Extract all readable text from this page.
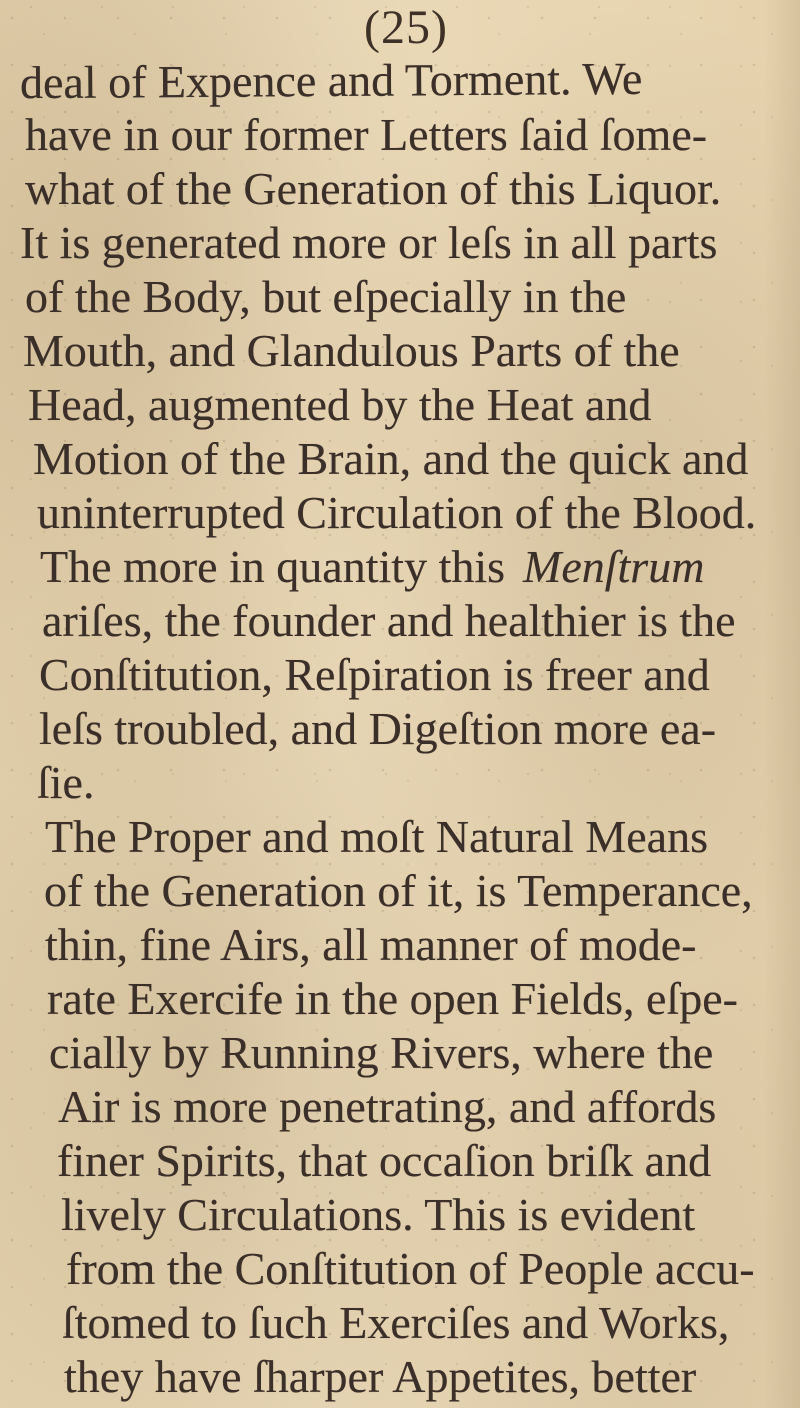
(25)

deal of Expence and Torment. We

have in our former Letters ſaid ſome-

what of the Generation of this Liquor.

It is generated more or leſs in all parts

of the Body, but eſpecially in the

Mouth, and Glandulous Parts of the

Head, augmented by the Heat and

Motion of the Brain, and the quick and

uninterrupted Circulation of the Blood.

The more in quantity this Menſtrum

ariſes, the founder and healthier is the

Conſtitution, Reſpiration is freer and

leſs troubled, and Digeſtion more ea-

ſie.

The Proper and moſt Natural Means

of the Generation of it, is Temperance,

thin, fine Airs, all manner of mode-

rate Exercife in the open Fields, eſpe-

cially by Running Rivers, where the

Air is more penetrating, and affords

finer Spirits, that occaſion briſk and

lively Circulations. This is evident

from the Conſtitution of People accu-

ſtomed to ſuch Exerciſes and Works,

they have ſharper Appetites, better
